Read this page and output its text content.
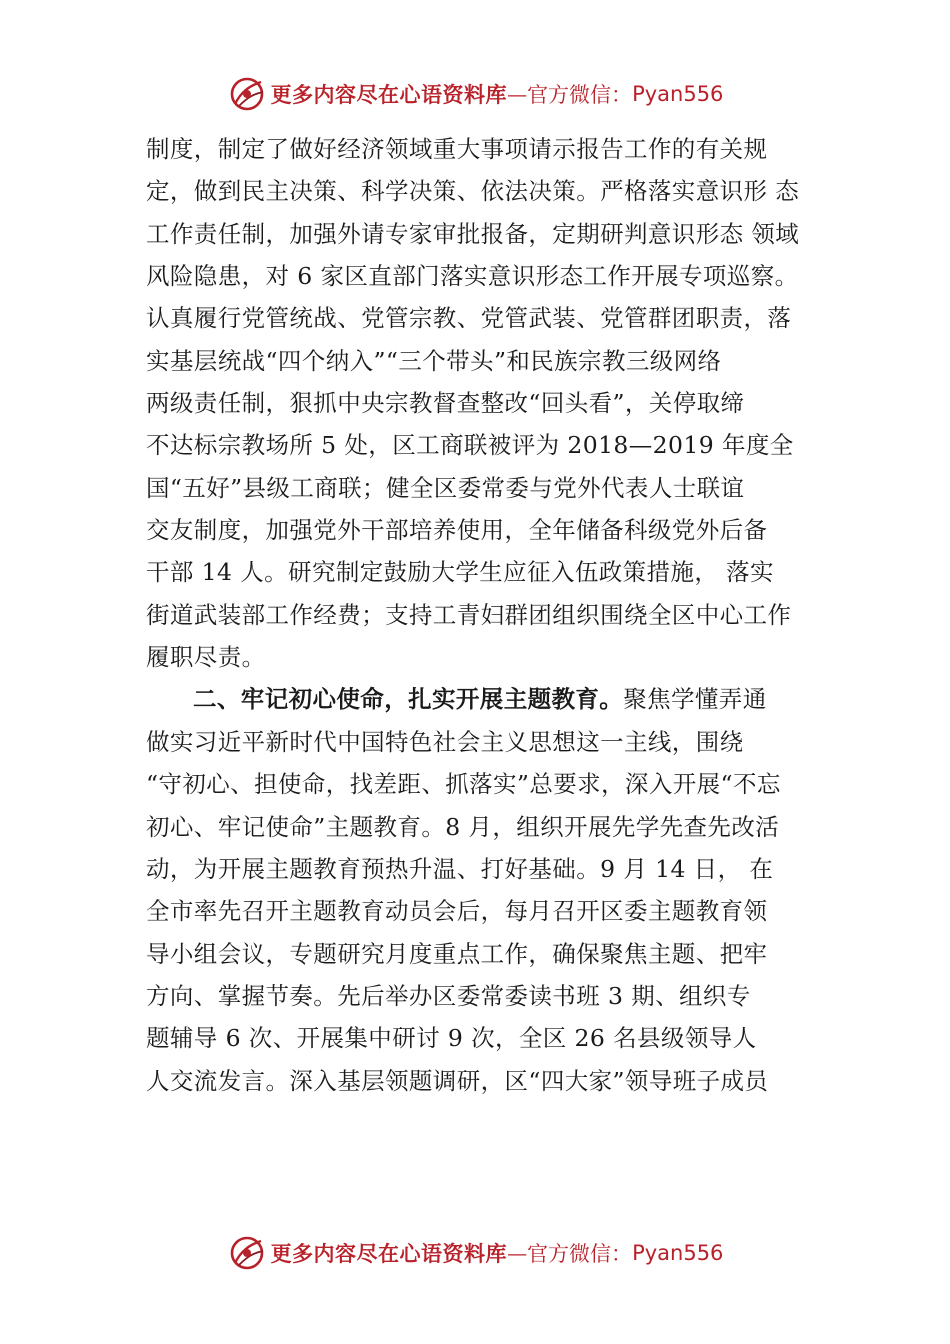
更多内容尽在心语资料库 — 官方微信： Pyan556
制度，制定了做好经济领域重大事项请示报告工作的有关规
定，做到民主决策、科学决策、依法决策。严格落实意识形 态
工作责任制，加强外请专家审批报备，定期研判意识形态 领域
风险隐患，对 6 家区直部门落实意识形态工作开展专项巡察。
认真履行党管统战、党管宗教、党管武装、党管群团职责，落
实基层统战“四个纳入”“三个带头”和民族宗教三级网络
两级责任制，狠抓中央宗教督查整改“回头看”，关停取缔
不达标宗教场所 5 处，区工商联被评为 2018—2019 年度全
国“五好”县级工商联；健全区委常委与党外代表人士联谊
交友制度，加强党外干部培养使用，全年储备科级党外后备
干部 14 人。研究制定鼓励大学生应征入伍政策措施， 落实
街道武装部工作经费；支持工青妇群团组织围绕全区中心工作
履职尽责。
二、牢记初心使命，扎实开展主题教育。聚焦学懂弄通
做实习近平新时代中国特色社会主义思想这一主线，围绕
“守初心、担使命，找差距、抓落实”总要求，深入开展“不忘
初心、牢记使命”主题教育。8 月，组织开展先学先查先改活
动，为开展主题教育预热升温、打好基础。9 月 14 日， 在
全市率先召开主题教育动员会后，每月召开区委主题教育领
导小组会议，专题研究月度重点工作，确保聚焦主题、把牢
方向、掌握节奏。先后举办区委常委读书班 3 期、组织专
题辅导 6 次、开展集中研讨 9 次，全区 26 名县级领导人
人交流发言。深入基层领题调研，区“四大家”领导班子成员
更多内容尽在心语资料库 — 官方微信： Pyan556
